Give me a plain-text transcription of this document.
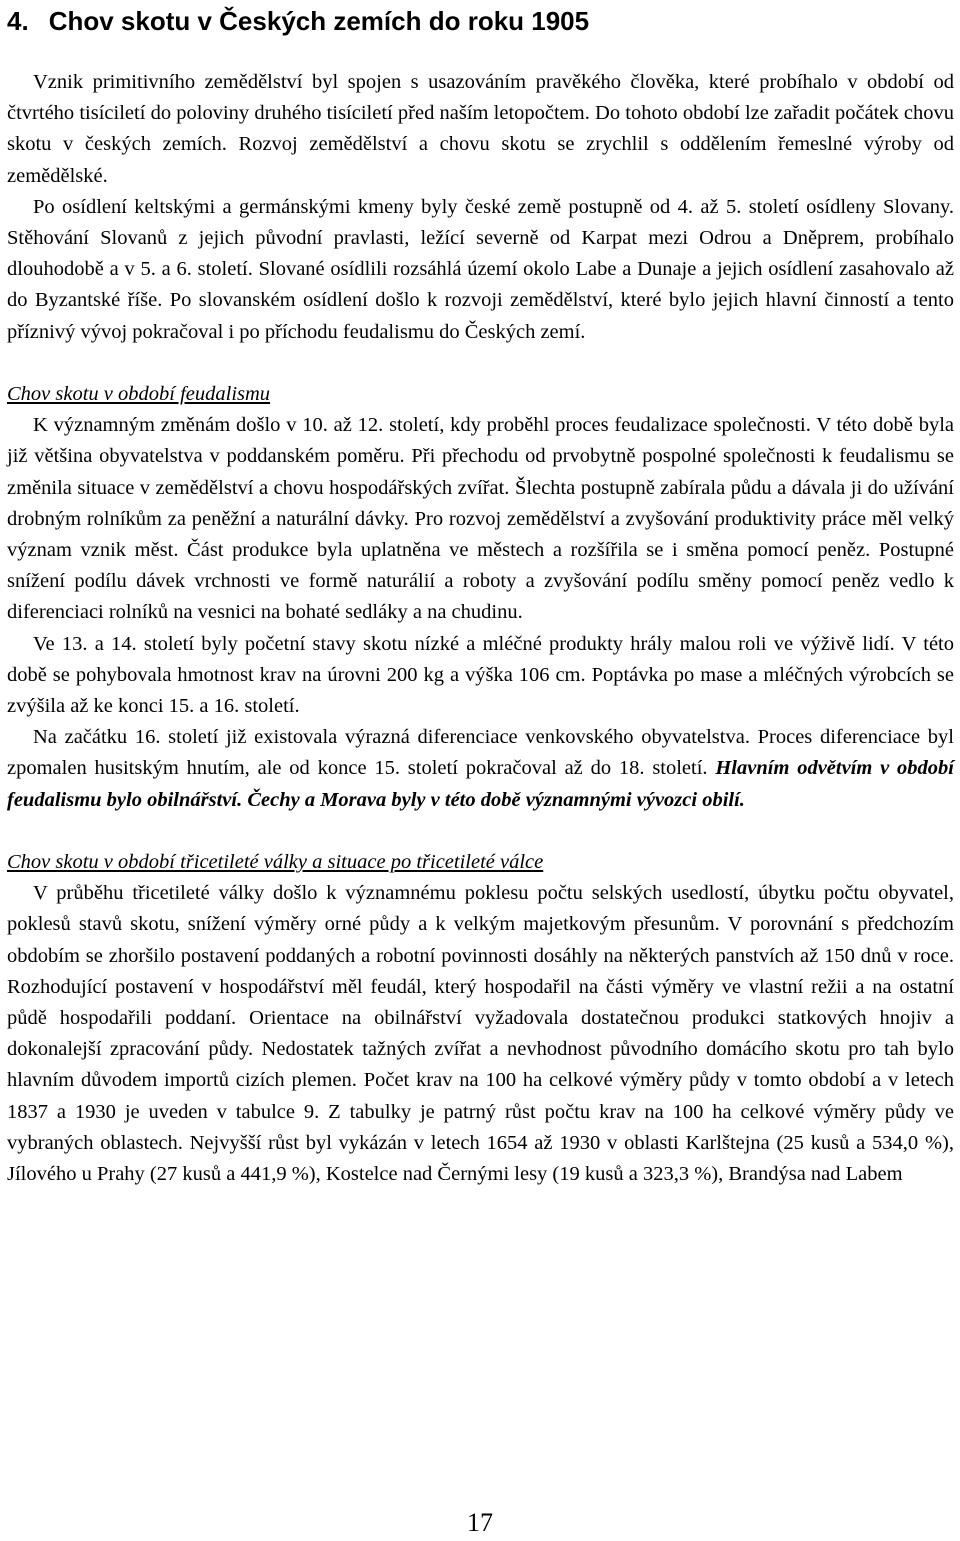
4. Chov skotu v Českých zemích do roku 1905

Vznik primitivního zemědělství byl spojen s usazováním pravěkého člověka, které probíhalo v období od čtvrtého tisíciletí do poloviny druhého tisíciletí před naším letopočtem. Do tohoto období lze zařadit počátek chovu skotu v českých zemích. Rozvoj zemědělství a chovu skotu se zrychlil s oddělením řemeslné výroby od zemědělské.

Po osídlení keltskými a germánskými kmeny byly české země postupně od 4. až 5. století osídleny Slovany. Stěhování Slovanů z jejich původní pravlasti, ležící severně od Karpat mezi Odrou a Dněprem, probíhalo dlouhodobě a v 5. a 6. století. Slované osídlili rozsáhlá území okolo Labe a Dunaje a jejich osídlení zasahovalo až do Byzantské říše. Po slovanském osídlení došlo k rozvoji zemědělství, které bylo jejich hlavní činností a tento příznivý vývoj pokračoval i po příchodu feudalismu do Českých zemí.

Chov skotu v období feudalismu

K významným změnám došlo v 10. až 12. století, kdy proběhl proces feudalizace společnosti. V této době byla již většina obyvatelstva v poddanském poměru. Při přechodu od prvobytně pospolné společnosti k feudalismu se změnila situace v zemědělství a chovu hospodářských zvířat. Šlechta postupně zabírala půdu a dávala ji do užívání drobným rolníkům za peněžní a naturální dávky. Pro rozvoj zemědělství a zvyšování produktivity práce měl velký význam vznik měst. Část produkce byla uplatněna ve městech a rozšířila se i směna pomocí peněz. Postupné snížení podílu dávek vrchnosti ve formě naturálií a roboty a zvyšování podílu směny pomocí peněz vedlo k diferenciaci rolníků na vesnici na bohaté sedláky a na chudinu.

Ve 13. a 14. století byly početní stavy skotu nízké a mléčné produkty hrály malou roli ve výživě lidí. V této době se pohybovala hmotnost krav na úrovni 200 kg a výška 106 cm. Poptávka po mase a mléčných výrobcích se zvýšila až ke konci 15. a 16. století.

Na začátku 16. století již existovala výrazná diferenciace venkovského obyvatelstva. Proces diferenciace byl zpomalen husitským hnutím, ale od konce 15. století pokračoval až do 18. století. Hlavním odvětvím v období feudalismu bylo obilnářství. Čechy a Morava byly v této době významnými vývozci obilí.

Chov skotu v období třicetileté války a situace po třicetileté válce

V průběhu třicetileté války došlo k významnému poklesu počtu selských usedlostí, úbytku počtu obyvatel, poklesů stavů skotu, snížení výměry orné půdy a k velkým majetkovým přesunům. V porovnání s předchozím obdobím se zhoršilo postavení poddaných a robotní povinnosti dosáhly na některých panstvích až 150 dnů v roce. Rozhodující postavení v hospodářství měl feudál, který hospodařil na části výměry ve vlastní režii a na ostatní půdě hospodařili poddaní. Orientace na obilnářství vyžadovala dostatečnou produkci statkových hnojiv a dokonalejší zpracování půdy. Nedostatek tažných zvířat a nevhodnost původního domácího skotu pro tah bylo hlavním důvodem importů cizích plemen. Počet krav na 100 ha celkové výměry půdy v tomto období a v letech 1837 a 1930 je uveden v tabulce 9. Z tabulky je patrný růst počtu krav na 100 ha celkové výměry půdy ve vybraných oblastech. Nejvyšší růst byl vykázán v letech 1654 až 1930 v oblasti Karlštejna (25 kusů a 534,0 %), Jílového u Prahy (27 kusů a 441,9 %), Kostelce nad Černými lesy (19 kusů a 323,3 %), Brandýsa nad Labem

17
